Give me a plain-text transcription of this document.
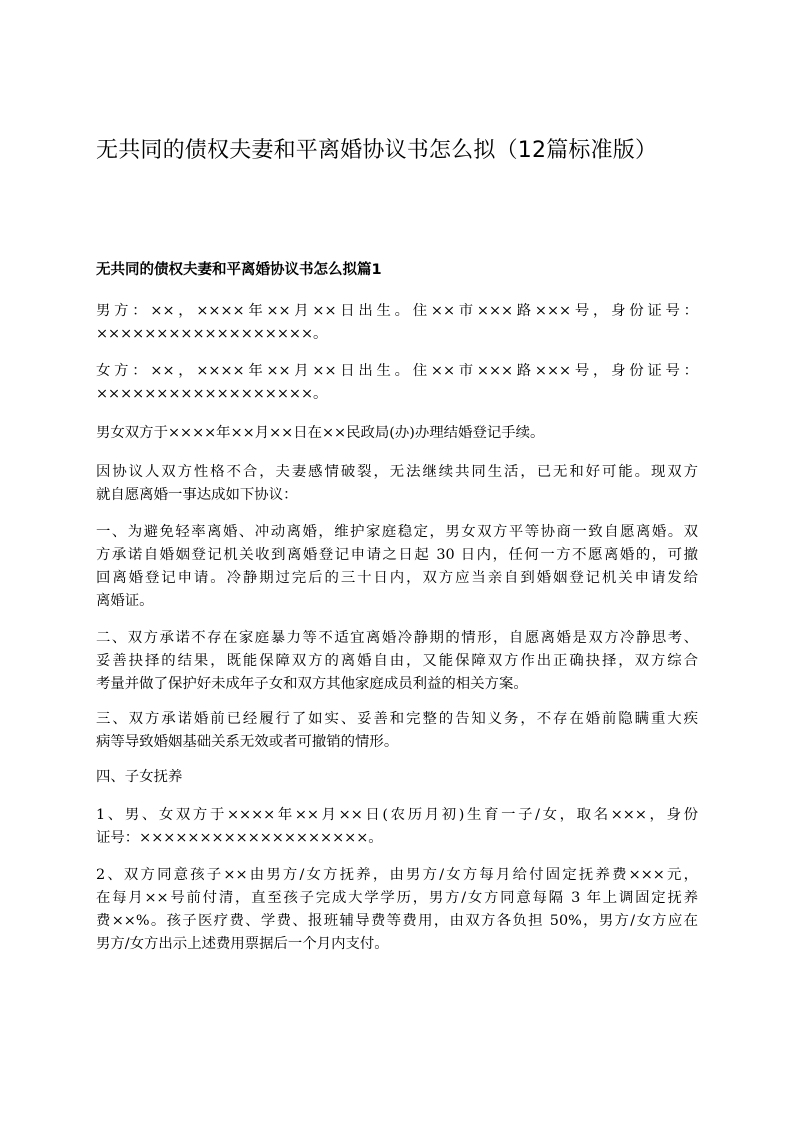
无共同的债权夫妻和平离婚协议书怎么拟（12篇标准版）
无共同的债权夫妻和平离婚协议书怎么拟篇1

男方：××，××××年××月××日出生。住××市×××路×××号，身份证号：
××××××××××××××××××。

女方：××，××××年××月××日出生。住××市×××路×××号，身份证号：
××××××××××××××××××。

男女双方于××××年××月××日在××民政局(办)办理结婚登记手续。

因协议人双方性格不合，夫妻感情破裂，无法继续共同生活，已无和好可能。现双方
就自愿离婚一事达成如下协议：

一、为避免轻率离婚、冲动离婚，维护家庭稳定，男女双方平等协商一致自愿离婚。双
方承诺自婚姻登记机关收到离婚登记申请之日起 30 日内，任何一方不愿离婚的，可撤
回离婚登记申请。冷静期过完后的三十日内，双方应当亲自到婚姻登记机关申请发给
离婚证。

二、双方承诺不存在家庭暴力等不适宜离婚冷静期的情形，自愿离婚是双方冷静思考、
妥善抉择的结果，既能保障双方的离婚自由，又能保障双方作出正确抉择，双方综合
考量并做了保护好未成年子女和双方其他家庭成员利益的相关方案。

三、双方承诺婚前已经履行了如实、妥善和完整的告知义务，不存在婚前隐瞒重大疾
病等导致婚姻基础关系无效或者可撤销的情形。

四、子女抚养

1、男、女双方于××××年××月××日(农历月初)生育一子/女，取名×××，身份
证号：×××××××××××××××××××。

2、双方同意孩子××由男方/女方抚养，由男方/女方每月给付固定抚养费×××元，
在每月××号前付清，直至孩子完成大学学历，男方/女方同意每隔 3 年上调固定抚养
费××%。孩子医疗费、学费、报班辅导费等费用，由双方各负担 50%，男方/女方应在
男方/女方出示上述费用票据后一个月内支付。
